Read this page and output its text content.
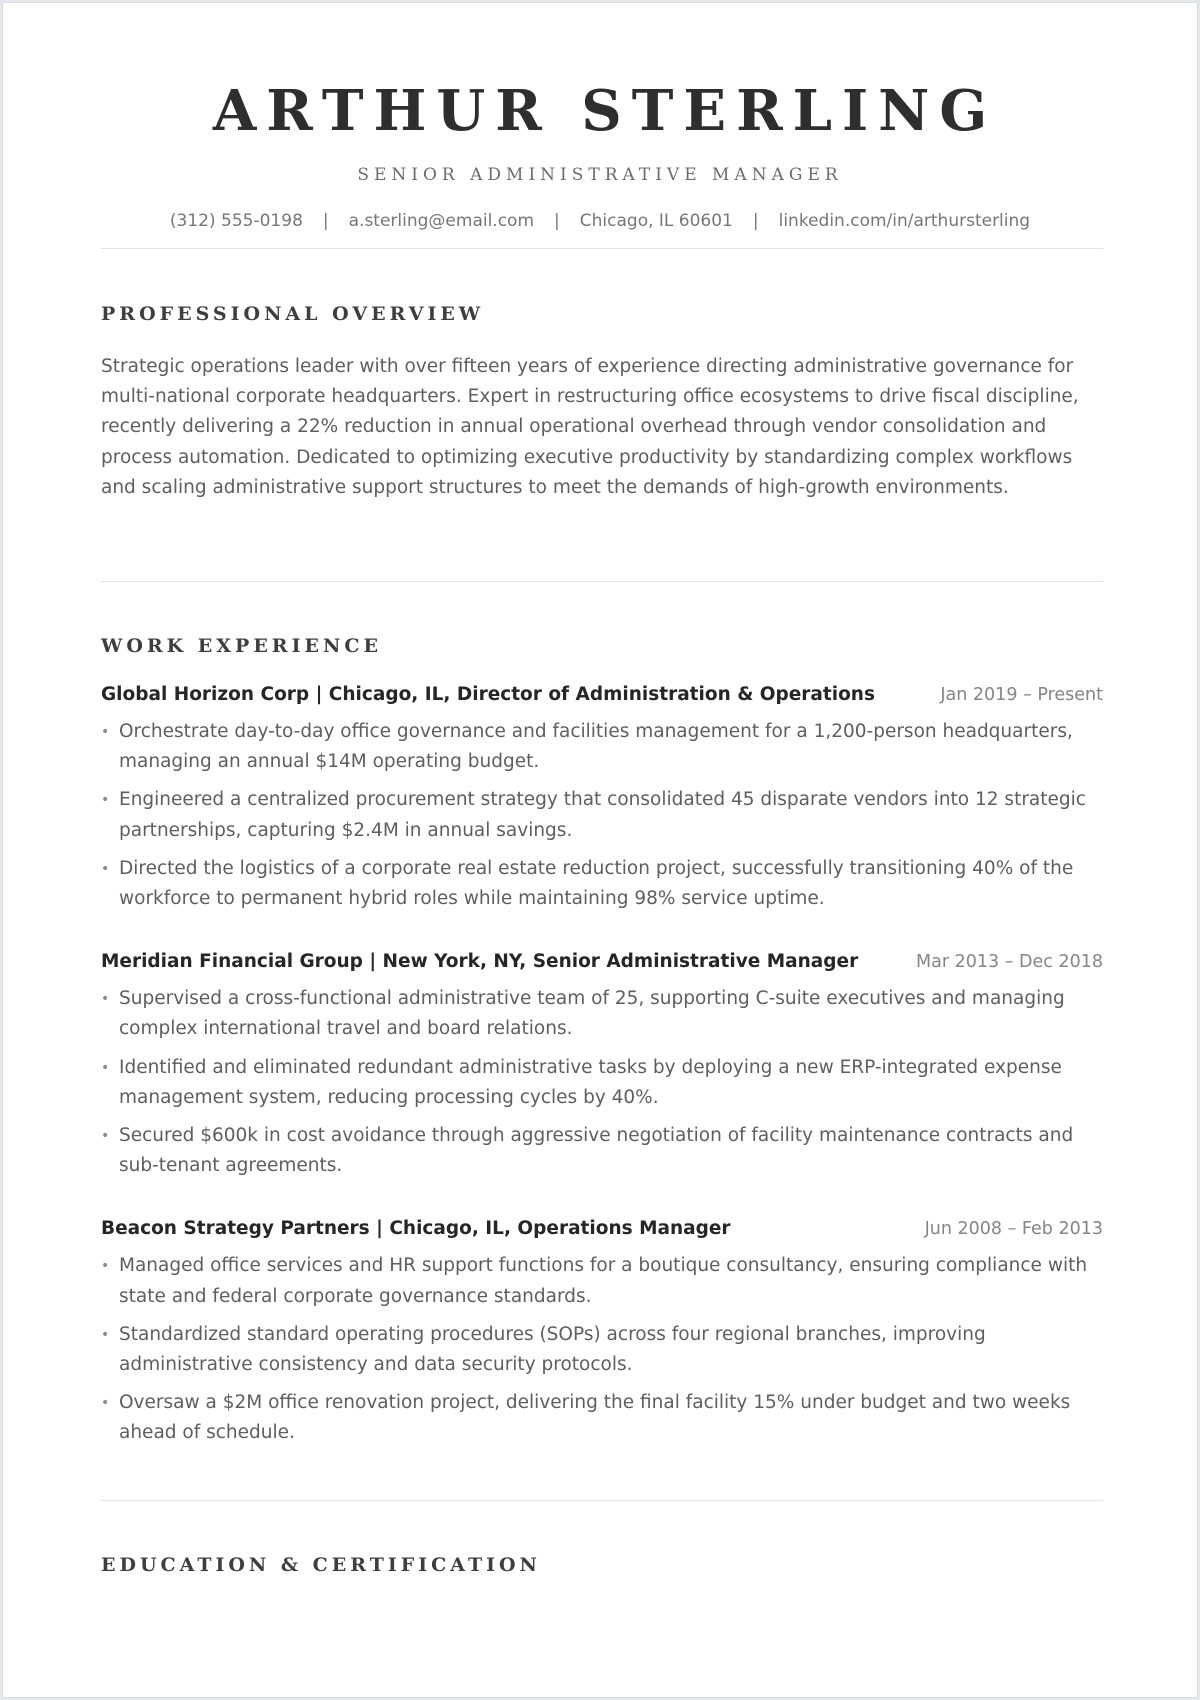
ARTHUR STERLING
SENIOR ADMINISTRATIVE MANAGER
(312) 555-0198 | a.sterling@email.com | Chicago, IL 60601 | linkedin.com/in/arthursterling
PROFESSIONAL OVERVIEW

Strategic operations leader with over fifteen years of experience directing administrative governance for multi-national corporate headquarters. Expert in restructuring office ecosystems to drive fiscal discipline, recently delivering a 22% reduction in annual operational overhead through vendor consolidation and process automation. Dedicated to optimizing executive productivity by standardizing complex workflows and scaling administrative support structures to meet the demands of high-growth environments.

WORK EXPERIENCE
Global Horizon Corp | Chicago, IL, Director of Administration & Operations	Jan 2019 – Present
• Orchestrate day-to-day office governance and facilities management for a 1,200-person headquarters, managing an annual $14M operating budget.
• Engineered a centralized procurement strategy that consolidated 45 disparate vendors into 12 strategic partnerships, capturing $2.4M in annual savings.
• Directed the logistics of a corporate real estate reduction project, successfully transitioning 40% of the workforce to permanent hybrid roles while maintaining 98% service uptime.
Meridian Financial Group | New York, NY, Senior Administrative Manager	Mar 2013 – Dec 2018
• Supervised a cross-functional administrative team of 25, supporting C-suite executives and managing complex international travel and board relations.
• Identified and eliminated redundant administrative tasks by deploying a new ERP-integrated expense management system, reducing processing cycles by 40%.
• Secured $600k in cost avoidance through aggressive negotiation of facility maintenance contracts and sub-tenant agreements.
Beacon Strategy Partners | Chicago, IL, Operations Manager	Jun 2008 – Feb 2013
• Managed office services and HR support functions for a boutique consultancy, ensuring compliance with state and federal corporate governance standards.
• Standardized standard operating procedures (SOPs) across four regional branches, improving administrative consistency and data security protocols.
• Oversaw a $2M office renovation project, delivering the final facility 15% under budget and two weeks ahead of schedule.
EDUCATION & CERTIFICATION
